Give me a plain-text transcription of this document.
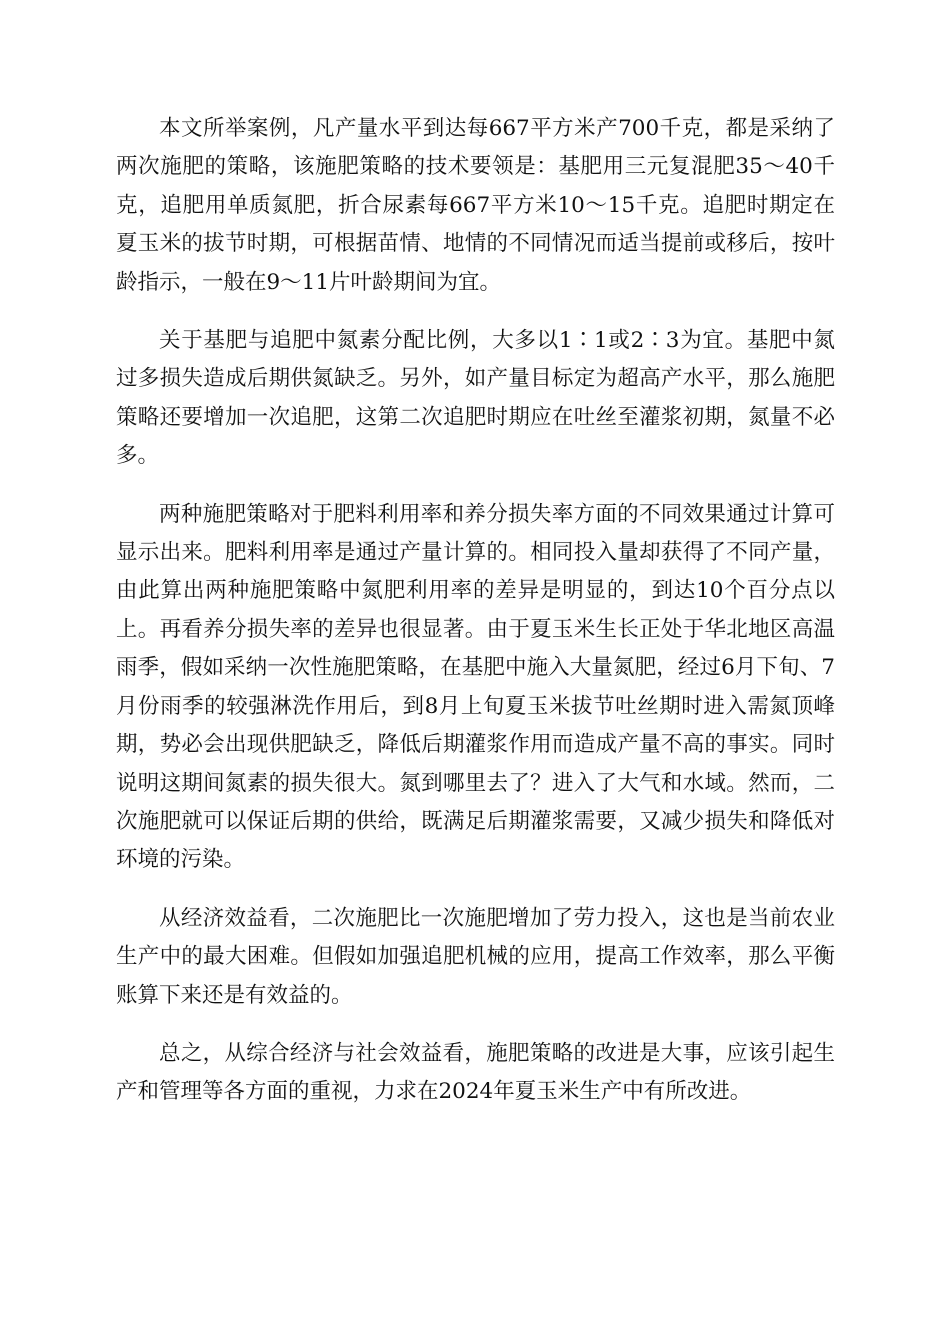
本文所举案例，凡产量水平到达每667平方米产700千克，都是采纳了两次施肥的策略，该施肥策略的技术要领是：基肥用三元复混肥35～40千克，追肥用单质氮肥，折合尿素每667平方米10～15千克。追肥时期定在夏玉米的拔节时期，可根据苗情、地情的不同情况而适当提前或移后，按叶龄指示，一般在9～11片叶龄期间为宜。

关于基肥与追肥中氮素分配比例，大多以1∶1或2∶3为宜。基肥中氮过多损失造成后期供氮缺乏。另外，如产量目标定为超高产水平，那么施肥策略还要增加一次追肥，这第二次追肥时期应在吐丝至灌浆初期，氮量不必多。

两种施肥策略对于肥料利用率和养分损失率方面的不同效果通过计算可显示出来。肥料利用率是通过产量计算的。相同投入量却获得了不同产量，由此算出两种施肥策略中氮肥利用率的差异是明显的，到达10个百分点以上。再看养分损失率的差异也很显著。由于夏玉米生长正处于华北地区高温雨季，假如采纳一次性施肥策略，在基肥中施入大量氮肥，经过6月下旬、7月份雨季的较强淋洗作用后，到8月上旬夏玉米拔节吐丝期时进入需氮顶峰期，势必会出现供肥缺乏，降低后期灌浆作用而造成产量不高的事实。同时说明这期间氮素的损失很大。氮到哪里去了？进入了大气和水域。然而，二次施肥就可以保证后期的供给，既满足后期灌浆需要，又减少损失和降低对环境的污染。

从经济效益看，二次施肥比一次施肥增加了劳力投入，这也是当前农业生产中的最大困难。但假如加强追肥机械的应用，提高工作效率，那么平衡账算下来还是有效益的。

总之，从综合经济与社会效益看，施肥策略的改进是大事，应该引起生产和管理等各方面的重视，力求在2024年夏玉米生产中有所改进。
